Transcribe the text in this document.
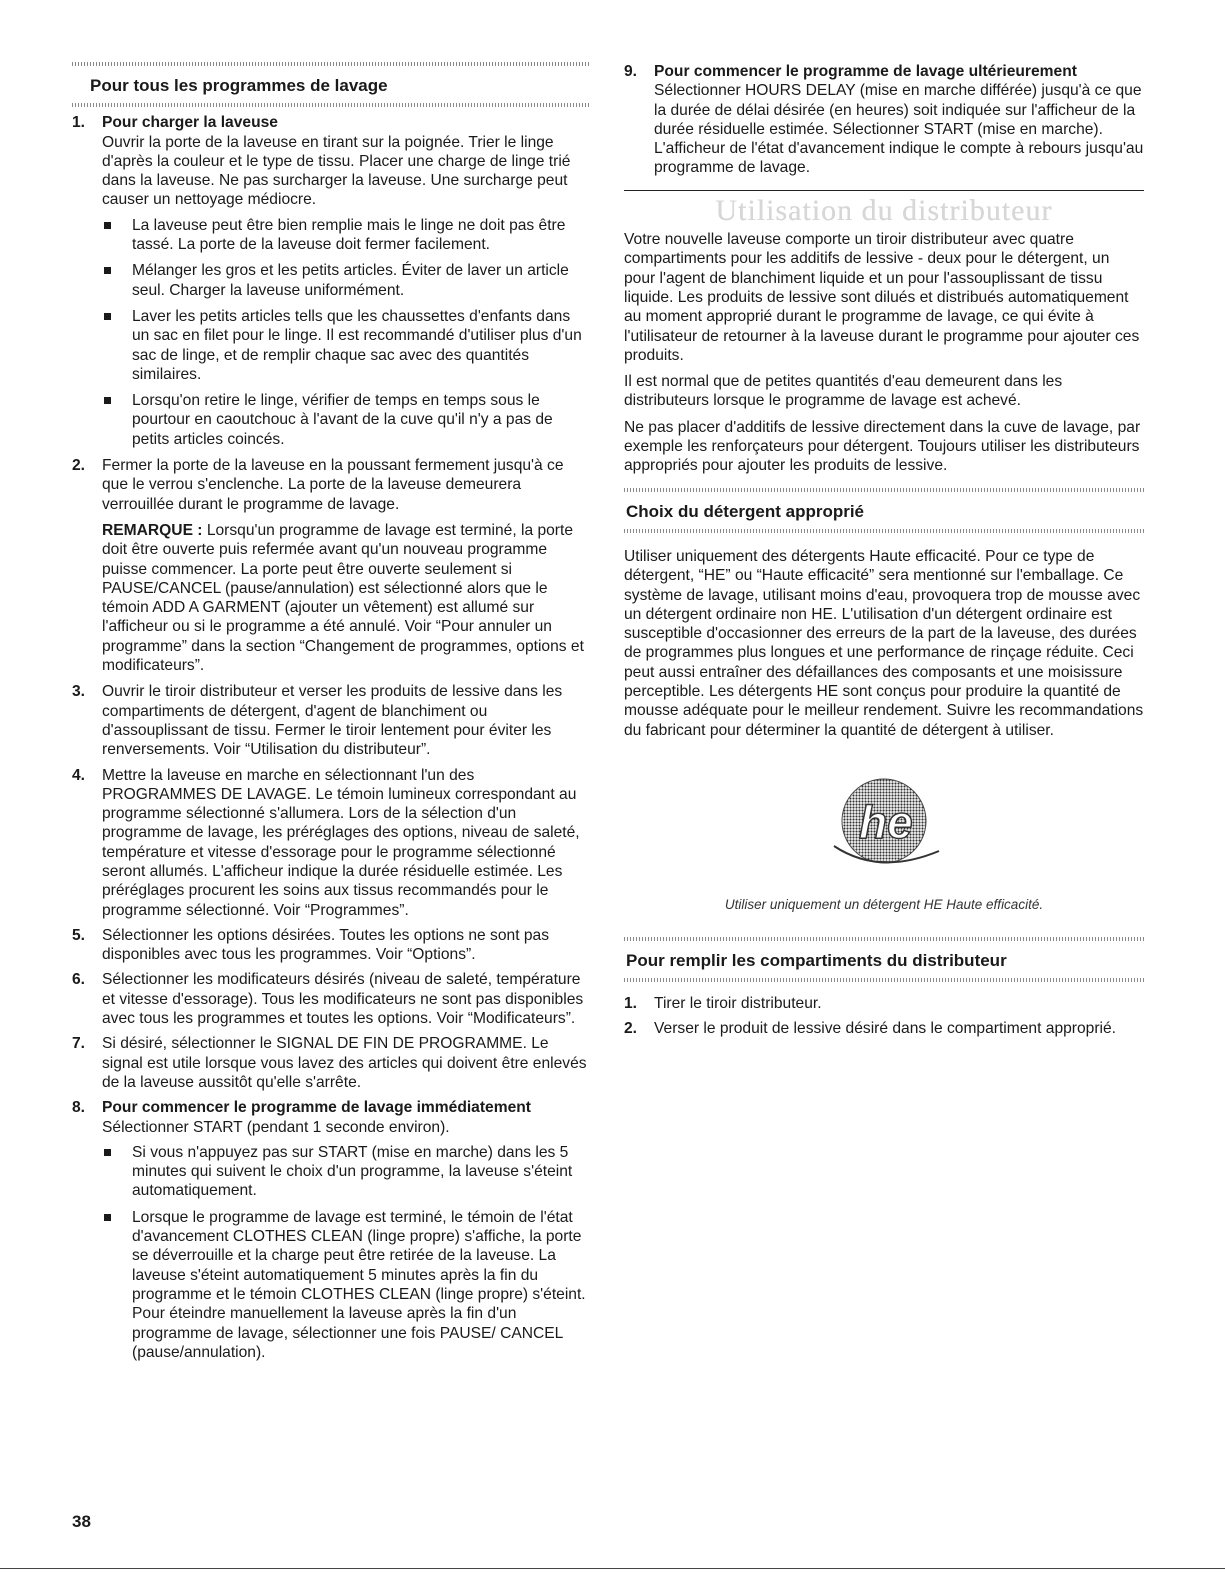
Pour tous les programmes de lavage
1. Pour charger la laveuse
Ouvrir la porte de la laveuse en tirant sur la poignée. Trier le linge d'après la couleur et le type de tissu. Placer une charge de linge trié dans la laveuse. Ne pas surcharger la laveuse. Une surcharge peut causer un nettoyage médiocre.
La laveuse peut être bien remplie mais le linge ne doit pas être tassé. La porte de la laveuse doit fermer facilement.
Mélanger les gros et les petits articles. Éviter de laver un article seul. Charger la laveuse uniformément.
Laver les petits articles tells que les chaussettes d'enfants dans un sac en filet pour le linge. Il est recommandé d'utiliser plus d'un sac de linge, et de remplir chaque sac avec des quantités similaires.
Lorsqu'on retire le linge, vérifier de temps en temps sous le pourtour en caoutchouc à l'avant de la cuve qu'il n'y a pas de petits articles coincés.
2. Fermer la porte de la laveuse en la poussant fermement jusqu'à ce que le verrou s'enclenche. La porte de la laveuse demeurera verrouillée durant le programme de lavage.

REMARQUE : Lorsqu'un programme de lavage est terminé, la porte doit être ouverte puis refermée avant qu'un nouveau programme puisse commencer. La porte peut être ouverte seulement si PAUSE/CANCEL (pause/annulation) est sélectionné alors que le témoin ADD A GARMENT (ajouter un vêtement) est allumé sur l'afficheur ou si le programme a été annulé. Voir “Pour annuler un programme” dans la section “Changement de programmes, options et modificateurs”.

3. Ouvrir le tiroir distributeur et verser les produits de lessive dans les compartiments de détergent, d'agent de blanchiment ou d'assouplissant de tissu. Fermer le tiroir lentement pour éviter les renversements. Voir “Utilisation du distributeur”.
4. Mettre la laveuse en marche en sélectionnant l'un des PROGRAMMES DE LAVAGE. Le témoin lumineux correspondant au programme sélectionné s'allumera. Lors de la sélection d'un programme de lavage, les préréglages des options, niveau de saleté, température et vitesse d'essorage pour le programme sélectionné seront allumés. L'afficheur indique la durée résiduelle estimée. Les préréglages procurent les soins aux tissus recommandés pour le programme sélectionné. Voir “Programmes”.
5. Sélectionner les options désirées. Toutes les options ne sont pas disponibles avec tous les programmes. Voir “Options”.
6. Sélectionner les modificateurs désirés (niveau de saleté, température et vitesse d'essorage). Tous les modificateurs ne sont pas disponibles avec tous les programmes et toutes les options. Voir “Modificateurs”.
7. Si désiré, sélectionner le SIGNAL DE FIN DE PROGRAMME. Le signal est utile lorsque vous lavez des articles qui doivent être enlevés de la laveuse aussitôt qu'elle s'arrête.
8. Pour commencer le programme de lavage immédiatement
Sélectionner START (pendant 1 seconde environ).
Si vous n'appuyez pas sur START (mise en marche) dans les 5 minutes qui suivent le choix d'un programme, la laveuse s'éteint automatiquement.
Lorsque le programme de lavage est terminé, le témoin de l'état d'avancement CLOTHES CLEAN (linge propre) s'affiche, la porte se déverrouille et la charge peut être retirée de la laveuse. La laveuse s'éteint automatiquement 5 minutes après la fin du programme et le témoin CLOTHES CLEAN (linge propre) s'éteint. Pour éteindre manuellement la laveuse après la fin d'un programme de lavage, sélectionner une fois PAUSE/ CANCEL (pause/annulation).
9. Pour commencer le programme de lavage ultérieurement
Sélectionner HOURS DELAY (mise en marche différée) jusqu'à ce que la durée de délai désirée (en heures) soit indiquée sur l'afficheur de la durée résiduelle estimée. Sélectionner START (mise en marche). L'afficheur de l'état d'avancement indique le compte à rebours jusqu'au programme de lavage.
Utilisation du distributeur

Votre nouvelle laveuse comporte un tiroir distributeur avec quatre compartiments pour les additifs de lessive - deux pour le détergent, un pour l'agent de blanchiment liquide et un pour l'assouplissant de tissu liquide. Les produits de lessive sont dilués et distribués automatiquement au moment approprié durant le programme de lavage, ce qui évite à l'utilisateur de retourner à la laveuse durant le programme pour ajouter ces produits.

Il est normal que de petites quantités d'eau demeurent dans les distributeurs lorsque le programme de lavage est achevé.

Ne pas placer d'additifs de lessive directement dans la cuve de lavage, par exemple les renforçateurs pour détergent. Toujours utiliser les distributeurs appropriés pour ajouter les produits de lessive.

Choix du détergent approprié

Utiliser uniquement des détergents Haute efficacité. Pour ce type de détergent, “HE” ou “Haute efficacité” sera mentionné sur l'emballage. Ce système de lavage, utilisant moins d'eau, provoquera trop de mousse avec un détergent ordinaire non HE. L'utilisation d'un détergent ordinaire est susceptible d'occasionner des erreurs de la part de la laveuse, des durées de programmes plus longues et une performance de rinçage réduite. Ceci peut aussi entraîner des défaillances des composants et une moisissure perceptible. Les détergents HE sont conçus pour produire la quantité de mousse adéquate pour le meilleur rendement. Suivre les recommandations du fabricant pour déterminer la quantité de détergent à utiliser.

he
Utiliser uniquement un détergent HE Haute efficacité.
Pour remplir les compartiments du distributeur
1. Tirer le tiroir distributeur.
2. Verser le produit de lessive désiré dans le compartiment approprié.
38
